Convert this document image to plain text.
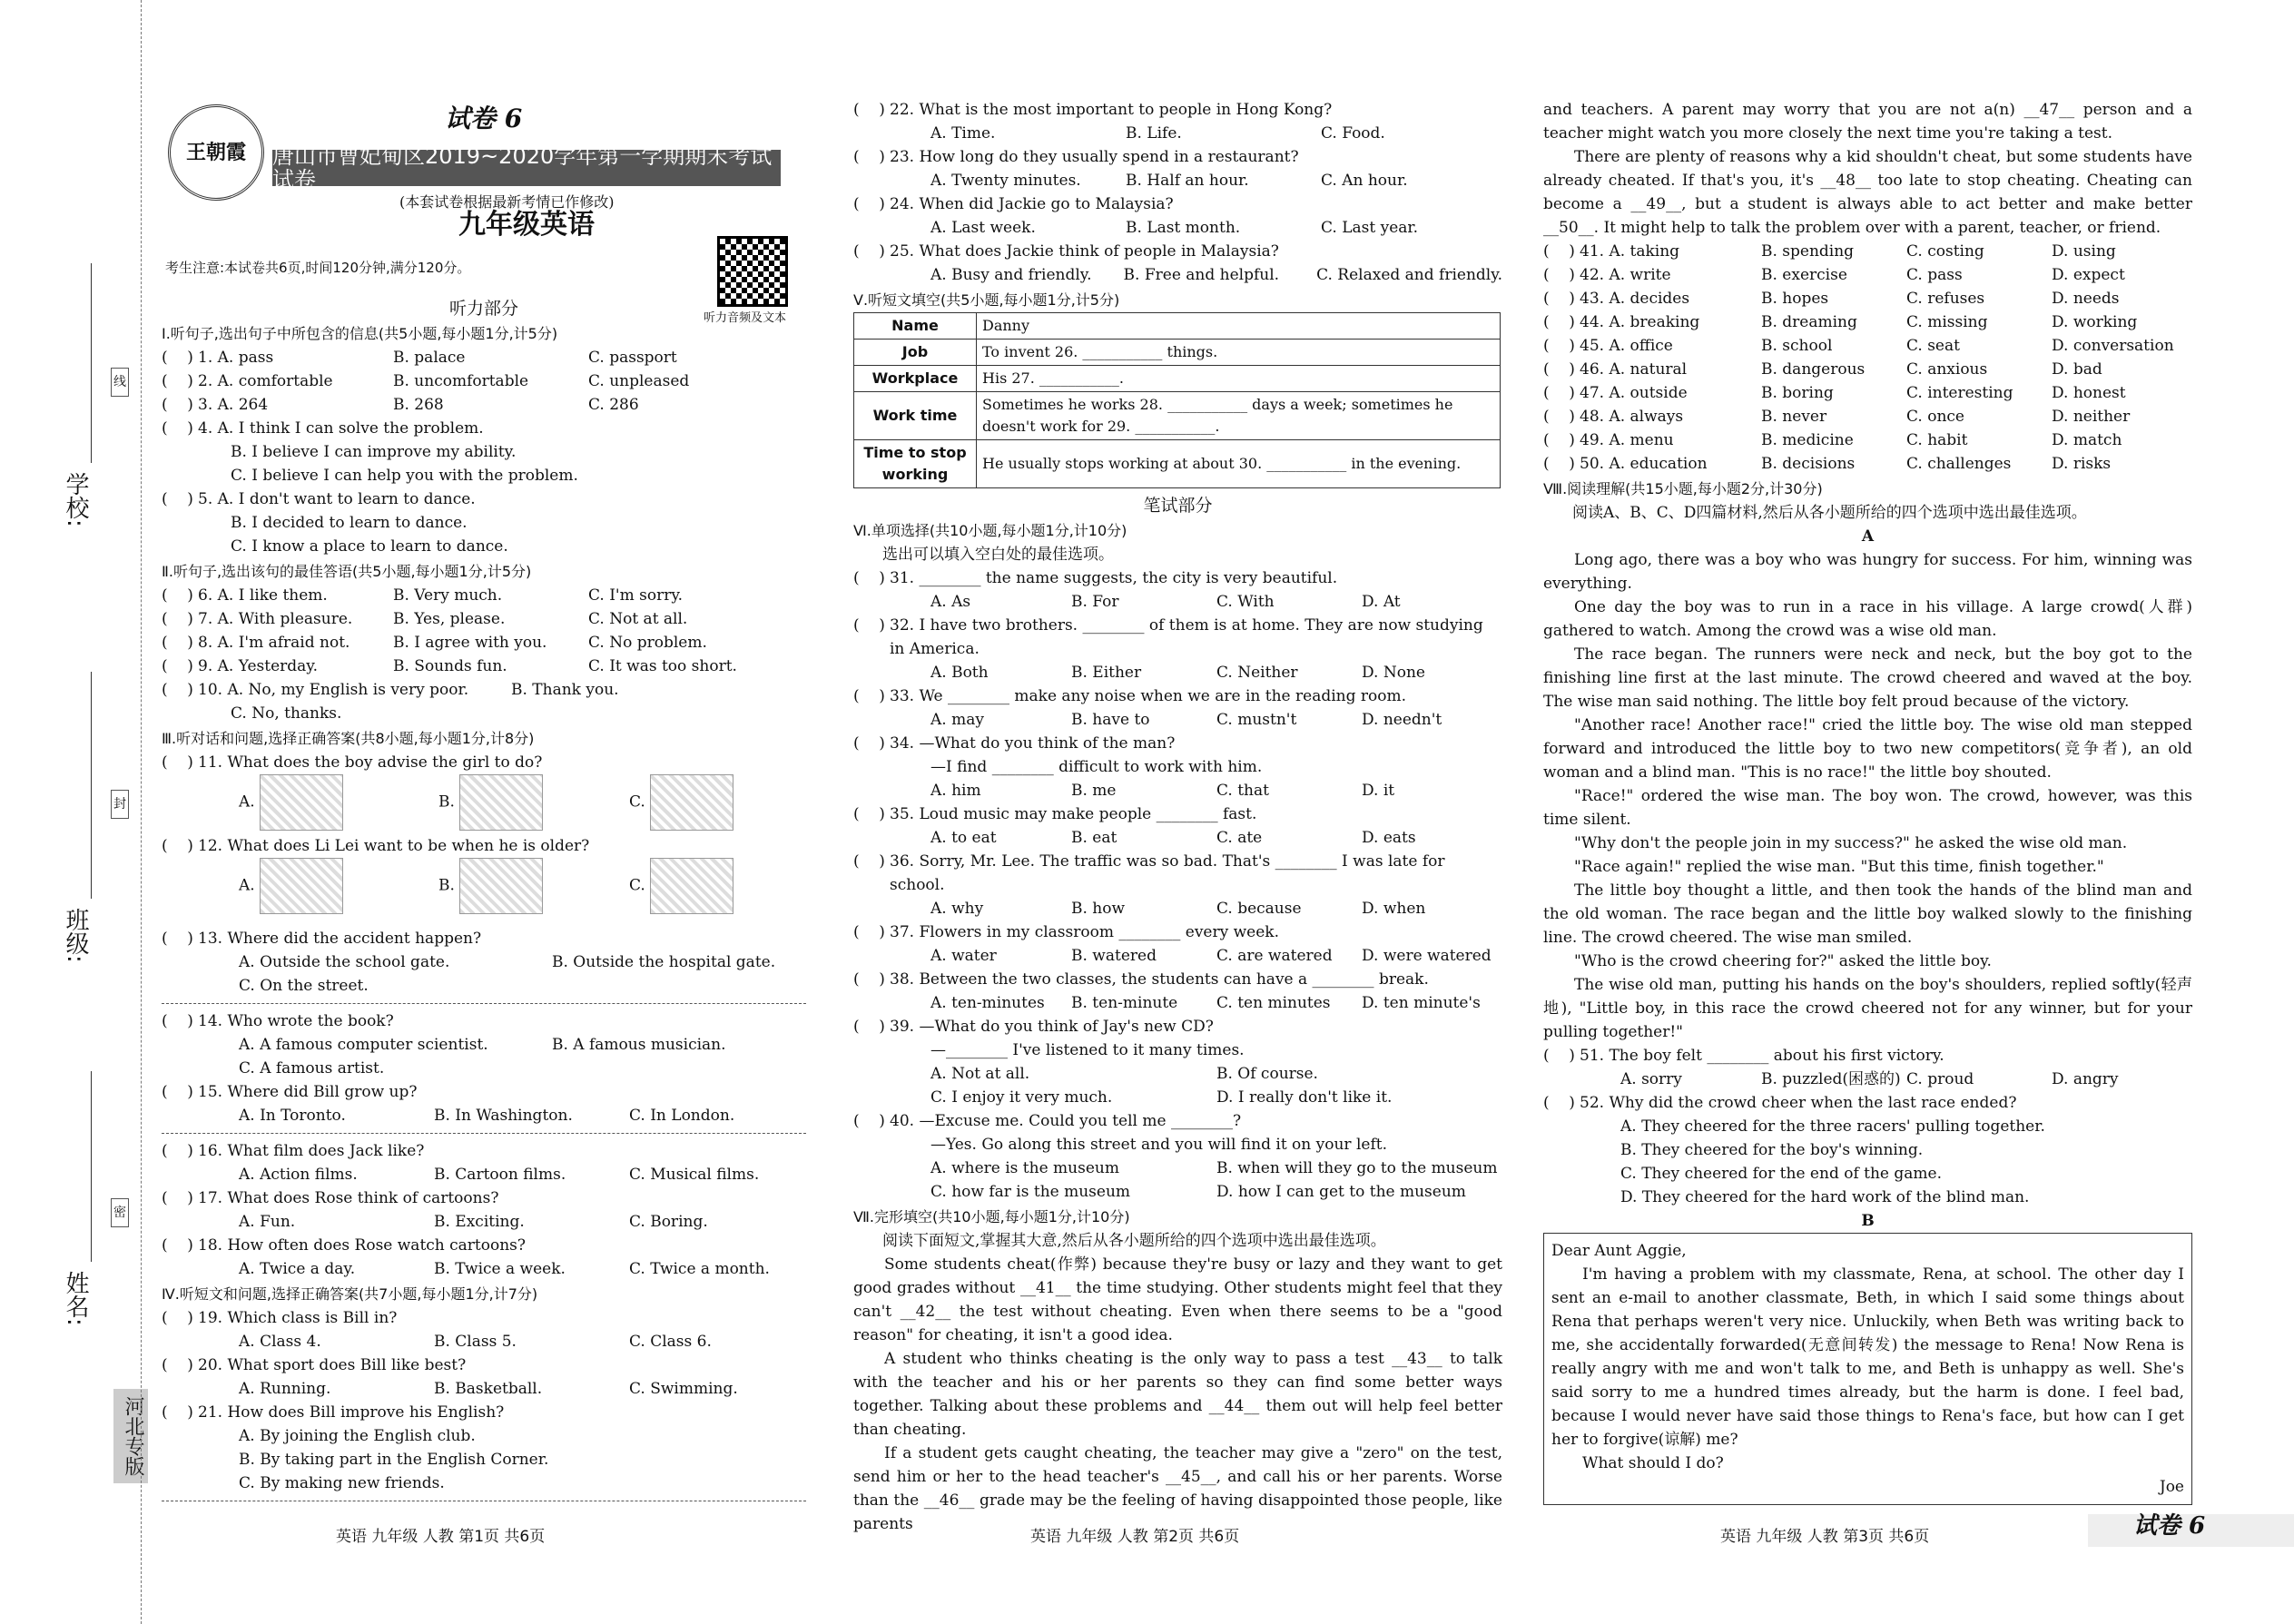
学校:
班级:
姓名:
河北专版
线
封
密
王朝霞
试卷 6
唐山市曹妃甸区2019~2020学年第一学期期末考试试卷
(本套试卷根据最新考情已作修改)
九年级英语
听力音频及文本
考生注意:本试卷共6页,时间120分钟,满分120分。
听力部分
Ⅰ.听句子,选出句子中所包含的信息(共5小题,每小题1分,计5分)
(    ) 1. A. pass	B. palace	C. passport
(    ) 2. A. comfortable	B. uncomfortable	C. unpleased
(    ) 3. A. 264	B. 268	C. 286
(    ) 4. A. I think I can solve the problem.
B. I believe I can improve my ability.
C. I believe I can help you with the problem.
(    ) 5. A. I don't want to learn to dance.
B. I decided to learn to dance.
C. I know a place to learn to dance.
Ⅱ.听句子,选出该句的最佳答语(共5小题,每小题1分,计5分)
(    ) 6. A. I like them.	B. Very much.	C. I'm sorry.
(    ) 7. A. With pleasure.	B. Yes, please.	C. Not at all.
(    ) 8. A. I'm afraid not.	B. I agree with you.	C. No problem.
(    ) 9. A. Yesterday.	B. Sounds fun.	C. It was too short.
(    ) 10. A. No, my English is very poor.	B. Thank you.
C. No, thanks.
Ⅲ.听对话和问题,选择正确答案(共8小题,每小题1分,计8分)
(    ) 11. What does the boy advise the girl to do?
A.	B.	C.
(    ) 12. What does Li Lei want to be when he is older?
A.	B.	C.
(    ) 13. Where did the accident happen?
A. Outside the school gate.	B. Outside the hospital gate.
C. On the street.
(    ) 14. Who wrote the book?
A. A famous computer scientist.	B. A famous musician.
C. A famous artist.
(    ) 15. Where did Bill grow up?
A. In Toronto.	B. In Washington.	C. In London.
(    ) 16. What film does Jack like?
A. Action films.	B. Cartoon films.	C. Musical films.
(    ) 17. What does Rose think of cartoons?
A. Fun.	B. Exciting.	C. Boring.
(    ) 18. How often does Rose watch cartoons?
A. Twice a day.	B. Twice a week.	C. Twice a month.
Ⅳ.听短文和问题,选择正确答案(共7小题,每小题1分,计7分)
(    ) 19. Which class is Bill in?
A. Class 4.	B. Class 5.	C. Class 6.
(    ) 20. What sport does Bill like best?
A. Running.	B. Basketball.	C. Swimming.
(    ) 21. How does Bill improve his English?
A. By joining the English club.
B. By taking part in the English Corner.
C. By making new friends.
(    ) 22. What is the most important to people in Hong Kong?
A. Time.	B. Life.	C. Food.
(    ) 23. How long do they usually spend in a restaurant?
A. Twenty minutes.	B. Half an hour.	C. An hour.
(    ) 24. When did Jackie go to Malaysia?
A. Last week.	B. Last month.	C. Last year.
(    ) 25. What does Jackie think of people in Malaysia?
A. Busy and friendly.	B. Free and helpful.	C. Relaxed and friendly.
Ⅴ.听短文填空(共5小题,每小题1分,计5分)
Name	Danny
Job	To invent 26. ___________ things.
Workplace	His 27. ___________.
Work time	Sometimes he works 28. ___________ days a week; sometimes he doesn't work for 29. ___________.
Time to stop working	He usually stops working at about 30. ___________ in the evening.
笔试部分
Ⅵ.单项选择(共10小题,每小题1分,计10分)
选出可以填入空白处的最佳选项。
(    ) 31. ________ the name suggests, the city is very beautiful.
A. As	B. For	C. With	D. At
(    ) 32. I have two brothers. ________ of them is at home. They are now studying in America.
A. Both	B. Either	C. Neither	D. None
(    ) 33. We ________ make any noise when we are in the reading room.
A. may	B. have to	C. mustn't	D. needn't
(    ) 34. —What do you think of the man?
—I find ________ difficult to work with him.
A. him	B. me	C. that	D. it
(    ) 35. Loud music may make people ________ fast.
A. to eat	B. eat	C. ate	D. eats
(    ) 36. Sorry, Mr. Lee. The traffic was so bad. That's ________ I was late for school.
A. why	B. how	C. because	D. when
(    ) 37. Flowers in my classroom ________ every week.
A. water	B. watered	C. are watered	D. were watered
(    ) 38. Between the two classes, the students can have a ________ break.
A. ten-minutes	B. ten-minute	C. ten minutes	D. ten minute's
(    ) 39. —What do you think of Jay's new CD?
—________ I've listened to it many times.
A. Not at all.	B. Of course.
C. I enjoy it very much.	D. I really don't like it.
(    ) 40. —Excuse me. Could you tell me ________?
—Yes. Go along this street and you will find it on your left.
A. where is the museum	B. when will they go to the museum
C. how far is the museum	D. how I can get to the museum
Ⅶ.完形填空(共10小题,每小题1分,计10分)
阅读下面短文,掌握其大意,然后从各小题所给的四个选项中选出最佳选项。

Some students cheat(作弊) because they're busy or lazy and they want to get good grades without __41__ the time studying. Other students might feel that they can't __42__ the test without cheating. Even when there seems to be a "good reason" for cheating, it isn't a good idea.

A student who thinks cheating is the only way to pass a test __43__ to talk with the teacher and his or her parents so they can find some better ways together. Talking about these problems and __44__ them out will help feel better than cheating.

If a student gets caught cheating, the teacher may give a "zero" on the test, send him or her to the head teacher's __45__, and call his or her parents. Worse than the __46__ grade may be the feeling of having disappointed those people, like parents

and teachers. A parent may worry that you are not a(n) __47__ person and a teacher might watch you more closely the next time you're taking a test.

There are plenty of reasons why a kid shouldn't cheat, but some students have already cheated. If that's you, it's __48__ too late to stop cheating. Cheating can become a __49__, but a student is always able to act better and make better __50__. It might help to talk the problem over with a parent, teacher, or friend.

(    ) 41. A. taking	B. spending	C. costing	D. using
(    ) 42. A. write	B. exercise	C. pass	D. expect
(    ) 43. A. decides	B. hopes	C. refuses	D. needs
(    ) 44. A. breaking	B. dreaming	C. missing	D. working
(    ) 45. A. office	B. school	C. seat	D. conversation
(    ) 46. A. natural	B. dangerous	C. anxious	D. bad
(    ) 47. A. outside	B. boring	C. interesting	D. honest
(    ) 48. A. always	B. never	C. once	D. neither
(    ) 49. A. menu	B. medicine	C. habit	D. match
(    ) 50. A. education	B. decisions	C. challenges	D. risks
Ⅷ.阅读理解(共15小题,每小题2分,计30分)
阅读A、B、C、D四篇材料,然后从各小题所给的四个选项中选出最佳选项。
A

Long ago, there was a boy who was hungry for success. For him, winning was everything.

One day the boy was to run in a race in his village. A large crowd(人群) gathered to watch. Among the crowd was a wise old man.

The race began. The runners were neck and neck, but the boy got to the finishing line first at the last minute. The crowd cheered and waved at the boy. The wise man said nothing. The little boy felt proud because of the victory.

"Another race! Another race!" cried the little boy. The wise old man stepped forward and introduced the little boy to two new competitors(竞争者), an old woman and a blind man. "This is no race!" the little boy shouted.

"Race!" ordered the wise man. The boy won. The crowd, however, was this time silent.

"Why don't the people join in my success?" he asked the wise old man.

"Race again!" replied the wise man. "But this time, finish together."

The little boy thought a little, and then took the hands of the blind man and the old woman. The race began and the little boy walked slowly to the finishing line. The crowd cheered. The wise man smiled.

"Who is the crowd cheering for?" asked the little boy.

The wise old man, putting his hands on the boy's shoulders, replied softly(轻声地), "Little boy, in this race the crowd cheered not for any winner, but for your pulling together!"

(    ) 51. The boy felt ________ about his first victory.
A. sorry	B. puzzled(困惑的) C. proud	D. angry
(    ) 52. Why did the crowd cheer when the last race ended?
A. They cheered for the three racers' pulling together.
B. They cheered for the boy's winning.
C. They cheered for the end of the game.
D. They cheered for the hard work of the blind man.
B
Dear Aunt Aggie,

I'm having a problem with my classmate, Rena, at school. The other day I sent an e-mail to another classmate, Beth, in which I said some things about Rena that perhaps weren't very nice. Unluckily, when Beth was writing back to me, she accidentally forwarded(无意间转发) the message to Rena! Now Rena is really angry with me and won't talk to me, and Beth is unhappy as well. She's said sorry to me a hundred times already, but the harm is done. I feel bad, because I would never have said those things to Rena's face, but how can I get her to forgive(谅解) me?

What should I do?

Joe
英语 九年级 人教 第1页 共6页	英语 九年级 人教 第2页 共6页	英语 九年级 人教 第3页 共6页	试卷 6
